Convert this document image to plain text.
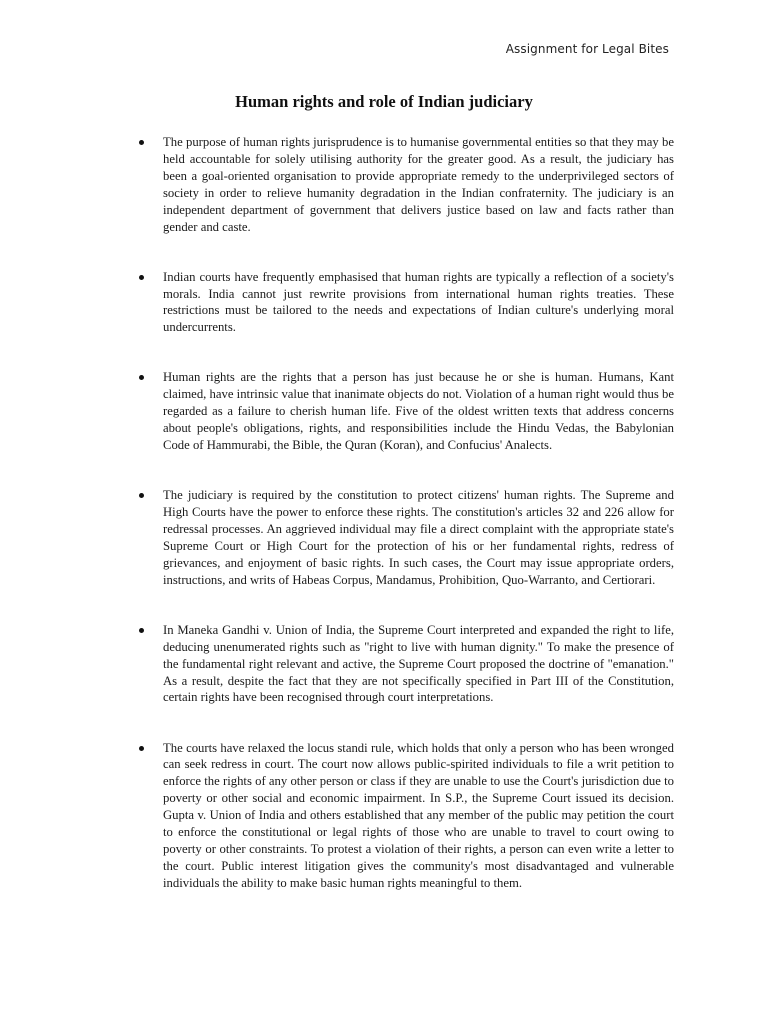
Assignment for Legal Bites
Human rights and role of Indian judiciary
The purpose of human rights jurisprudence is to humanise governmental entities so that they may be held accountable for solely utilising authority for the greater good. As a result, the judiciary has been a goal-oriented organisation to provide appropriate remedy to the underprivileged sectors of society in order to relieve humanity degradation in the Indian confraternity. The judiciary is an independent department of government that delivers justice based on law and facts rather than gender and caste.
Indian courts have frequently emphasised that human rights are typically a reflection of a society's morals. India cannot just rewrite provisions from international human rights treaties. These restrictions must be tailored to the needs and expectations of Indian culture's underlying moral undercurrents.
Human rights are the rights that a person has just because he or she is human. Humans, Kant claimed, have intrinsic value that inanimate objects do not. Violation of a human right would thus be regarded as a failure to cherish human life. Five of the oldest written texts that address concerns about people's obligations, rights, and responsibilities include the Hindu Vedas, the Babylonian Code of Hammurabi, the Bible, the Quran (Koran), and Confucius' Analects.
The judiciary is required by the constitution to protect citizens' human rights. The Supreme and High Courts have the power to enforce these rights. The constitution's articles 32 and 226 allow for redressal processes. An aggrieved individual may file a direct complaint with the appropriate state's Supreme Court or High Court for the protection of his or her fundamental rights, redress of grievances, and enjoyment of basic rights. In such cases, the Court may issue appropriate orders, instructions, and writs of Habeas Corpus, Mandamus, Prohibition, Quo-Warranto, and Certiorari.
In Maneka Gandhi v. Union of India, the Supreme Court interpreted and expanded the right to life, deducing unenumerated rights such as "right to live with human dignity." To make the presence of the fundamental right relevant and active, the Supreme Court proposed the doctrine of "emanation." As a result, despite the fact that they are not specifically specified in Part III of the Constitution, certain rights have been recognised through court interpretations.
The courts have relaxed the locus standi rule, which holds that only a person who has been wronged can seek redress in court. The court now allows public-spirited individuals to file a writ petition to enforce the rights of any other person or class if they are unable to use the Court's jurisdiction due to poverty or other social and economic impairment. In S.P., the Supreme Court issued its decision. Gupta v. Union of India and others established that any member of the public may petition the court to enforce the constitutional or legal rights of those who are unable to travel to court owing to poverty or other constraints. To protest a violation of their rights, a person can even write a letter to the court. Public interest litigation gives the community's most disadvantaged and vulnerable individuals the ability to make basic human rights meaningful to them.
